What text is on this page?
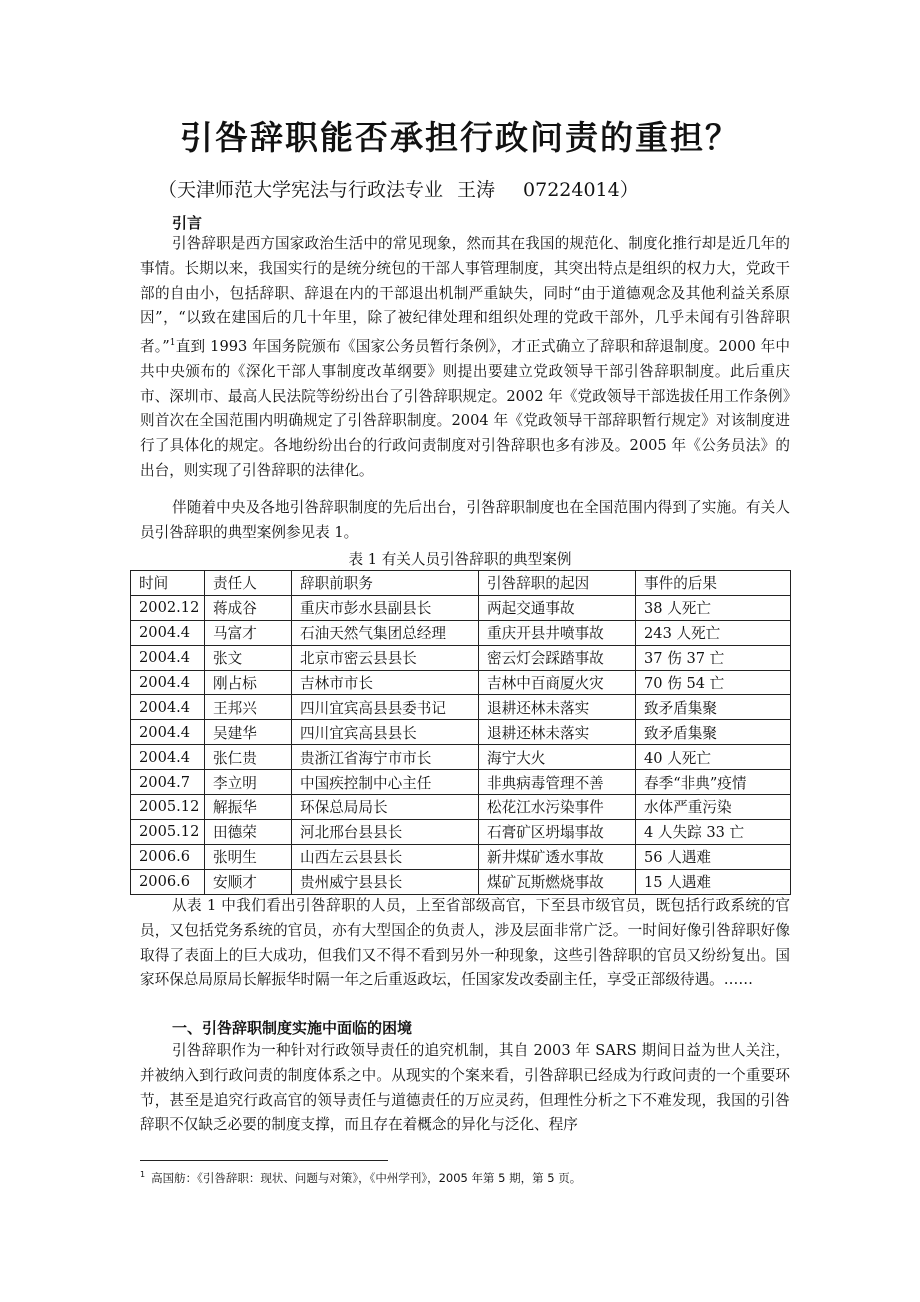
引咎辞职能否承担行政问责的重担？
（天津师范大学宪法与行政法专业 王涛 07224014）
引言
引咎辞职是西方国家政治生活中的常见现象，然而其在我国的规范化、制度化推行却是近几年的事情。长期以来，我国实行的是统分统包的干部人事管理制度，其突出特点是组织的权力大，党政干部的自由小，包括辞职、辞退在内的干部退出机制严重缺失，同时“由于道德观念及其他利益关系原因”，“以致在建国后的几十年里，除了被纪律处理和组织处理的党政干部外，几乎未闻有引咎辞职者。”$^1$直到 1993 年国务院颁布《国家公务员暂行条例》，才正式确立了辞职和辞退制度。2000 年中共中央颁布的《深化干部人事制度改革纲要》则提出要建立党政领导干部引咎辞职制度。此后重庆市、深圳市、最高人民法院等纷纷出台了引咎辞职规定。2002 年《党政领导干部选拔任用工作条例》则首次在全国范围内明确规定了引咎辞职制度。2004 年《党政领导干部辞职暂行规定》对该制度进行了具体化的规定。各地纷纷出台的行政问责制度对引咎辞职也多有涉及。2005 年《公务员法》的出台，则实现了引咎辞职的法律化。
伴随着中央及各地引咎辞职制度的先后出台，引咎辞职制度也在全国范围内得到了实施。有关人员引咎辞职的典型案例参见表 1。
表 1 有关人员引咎辞职的典型案例
时间	责任人	辞职前职务	引咎辞职的起因	事件的后果
2002.12	蒋成谷	重庆市彭水县副县长	两起交通事故	38 人死亡
2004.4	马富才	石油天然气集团总经理	重庆开县井喷事故	243 人死亡
2004.4	张文	北京市密云县县长	密云灯会踩踏事故	37 伤 37 亡
2004.4	刚占标	吉林市市长	吉林中百商厦火灾	70 伤 54 亡
2004.4	王邦兴	四川宜宾高县县委书记	退耕还林未落实	致矛盾集聚
2004.4	吴建华	四川宜宾高县县长	退耕还林未落实	致矛盾集聚
2004.4	张仁贵	贵浙江省海宁市市长	海宁大火	40 人死亡
2004.7	李立明	中国疾控制中心主任	非典病毒管理不善	春季“非典”疫情
2005.12	解振华	环保总局局长	松花江水污染事件	水体严重污染
2005.12	田德荣	河北邢台县县长	石膏矿区坍塌事故	4 人失踪 33 亡
2006.6	张明生	山西左云县县长	新井煤矿透水事故	56 人遇难
2006.6	安顺才	贵州威宁县县长	煤矿瓦斯燃烧事故	15 人遇难
从表 1 中我们看出引咎辞职的人员，上至省部级高官，下至县市级官员，既包括行政系统的官员，又包括党务系统的官员，亦有大型国企的负责人，涉及层面非常广泛。一时间好像引咎辞职好像取得了表面上的巨大成功，但我们又不得不看到另外一种现象，这些引咎辞职的官员又纷纷复出。国家环保总局原局长解振华时隔一年之后重返政坛，任国家发改委副主任，享受正部级待遇。……
一、引咎辞职制度实施中面临的困境
引咎辞职作为一种针对行政领导责任的追究机制，其自 2003 年 SARS 期间日益为世人关注，并被纳入到行政问责的制度体系之中。从现实的个案来看，引咎辞职已经成为行政问责的一个重要环节，甚至是追究行政高官的领导责任与道德责任的万应灵药，但理性分析之下不难发现，我国的引咎辞职不仅缺乏必要的制度支撑，而且存在着概念的异化与泛化、程序
$^1$ 高国舫：《引咎辞职：现状、问题与对策》，《中州学刊》，2005 年第 5 期，第 5 页。
